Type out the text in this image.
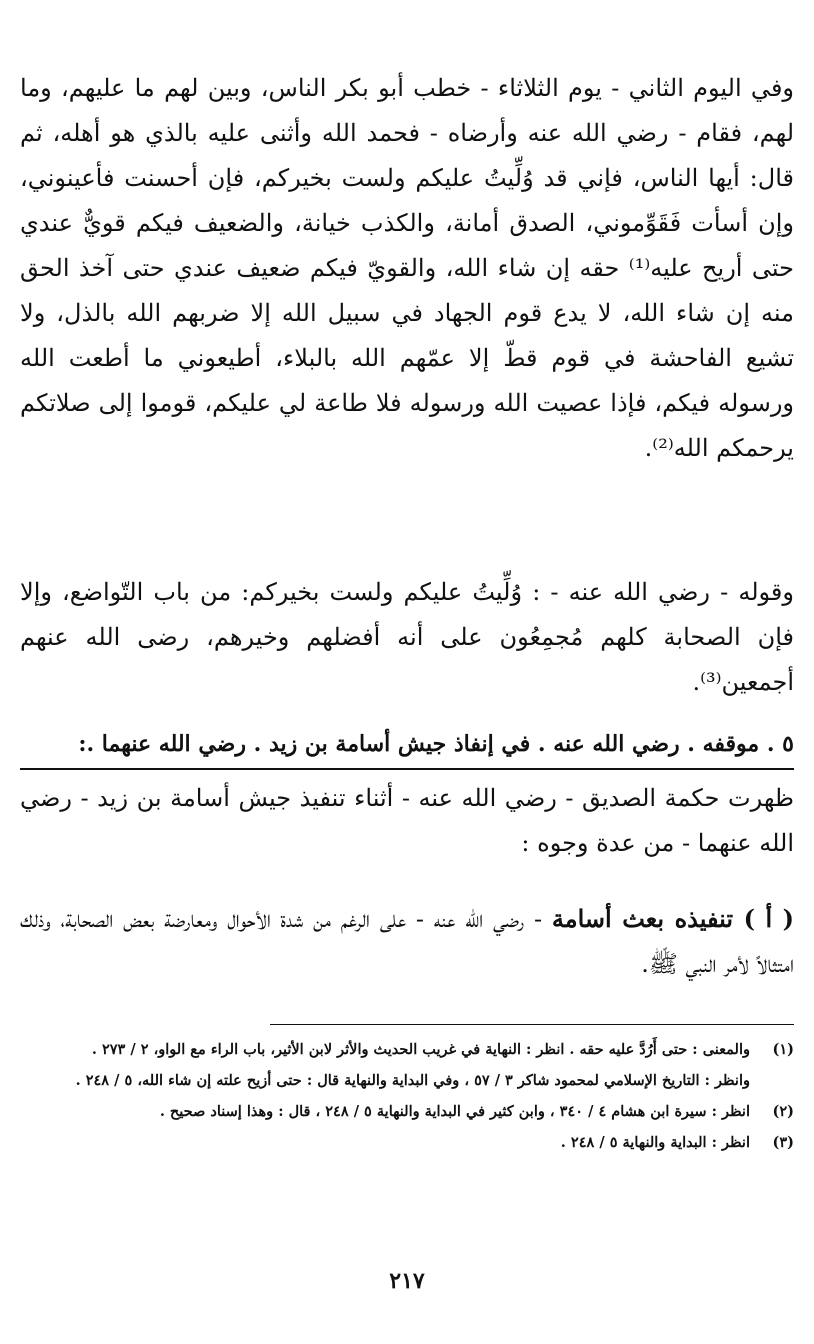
وفي اليوم الثاني - يوم الثلاثاء - خطب أبو بكر الناس، وبين لهم ما عليهم، وما لهم، فقام - رضي الله عنه وأرضاه - فحمد الله وأثنى عليه بالذي هو أهله، ثم قال: أيها الناس، فإني قد وُلِّيتُ عليكم ولست بخيركم، فإن أحسنت فأعينوني، وإن أسأت فَقَوِّموني، الصدق أمانة، والكذب خيانة، والضعيف فيكم قويٌّ عندي حتى أريح عليه⁽¹⁾ حقه إن شاء الله، والقويّ فيكم ضعيف عندي حتى آخذ الحق منه إن شاء الله، لا يدع قوم الجهاد في سبيل الله إلا ضربهم الله بالذل، ولا تشيع الفاحشة في قوم قطّ إلا عمّهم الله بالبلاء، أطيعوني ما أطعت الله ورسوله فيكم، فإذا عصيت الله ورسوله فلا طاعة لي عليكم، قوموا إلى صلاتكم يرحمكم الله⁽²⁾.
وقوله - رضي الله عنه - : وُلِّيتُ عليكم ولست بخيركم: من باب التّواضع، وإلا فإن الصحابة كلهم مُجمِعُون على أنه أفضلهم وخيرهم، رضى الله عنهم أجمعين⁽³⁾.
٥ . موقفه . رضي الله عنه . في إنفاذ جيش أسامة بن زيد . رضي الله عنهما .:
ظهرت حكمة الصديق - رضي الله عنه - أثناء تنفيذ جيش أسامة بن زيد - رضي الله عنهما - من عدة وجوه :
( أ ) تنفيذه بعث أسامة - رضي الله عنه - على الرغم من شدة الأحوال ومعارضة بعض الصحابة، وذلك امتثالاً لأمر النبي ﷺ.
(١)
والمعنى : حتى أَرُدَّ عليه حقه . انظر : النهاية في غريب الحديث والأثر لابن الأثير، باب الراء مع الواو، ٢ / ٢٧٣ .
وانظر : التاريخ الإسلامي لمحمود شاكر ٣ / ٥٧ ، وفي البداية والنهاية قال : حتى أزيح علته إن شاء الله، ٥ / ٢٤٨ .
(٢)
انظر : سيرة ابن هشام ٤ / ٣٤٠ ، وابن كثير في البداية والنهاية ٥ / ٢٤٨ ، قال : وهذا إسناد صحيح .
(٣)
انظر : البداية والنهاية ٥ / ٢٤٨ .
٢١٧
